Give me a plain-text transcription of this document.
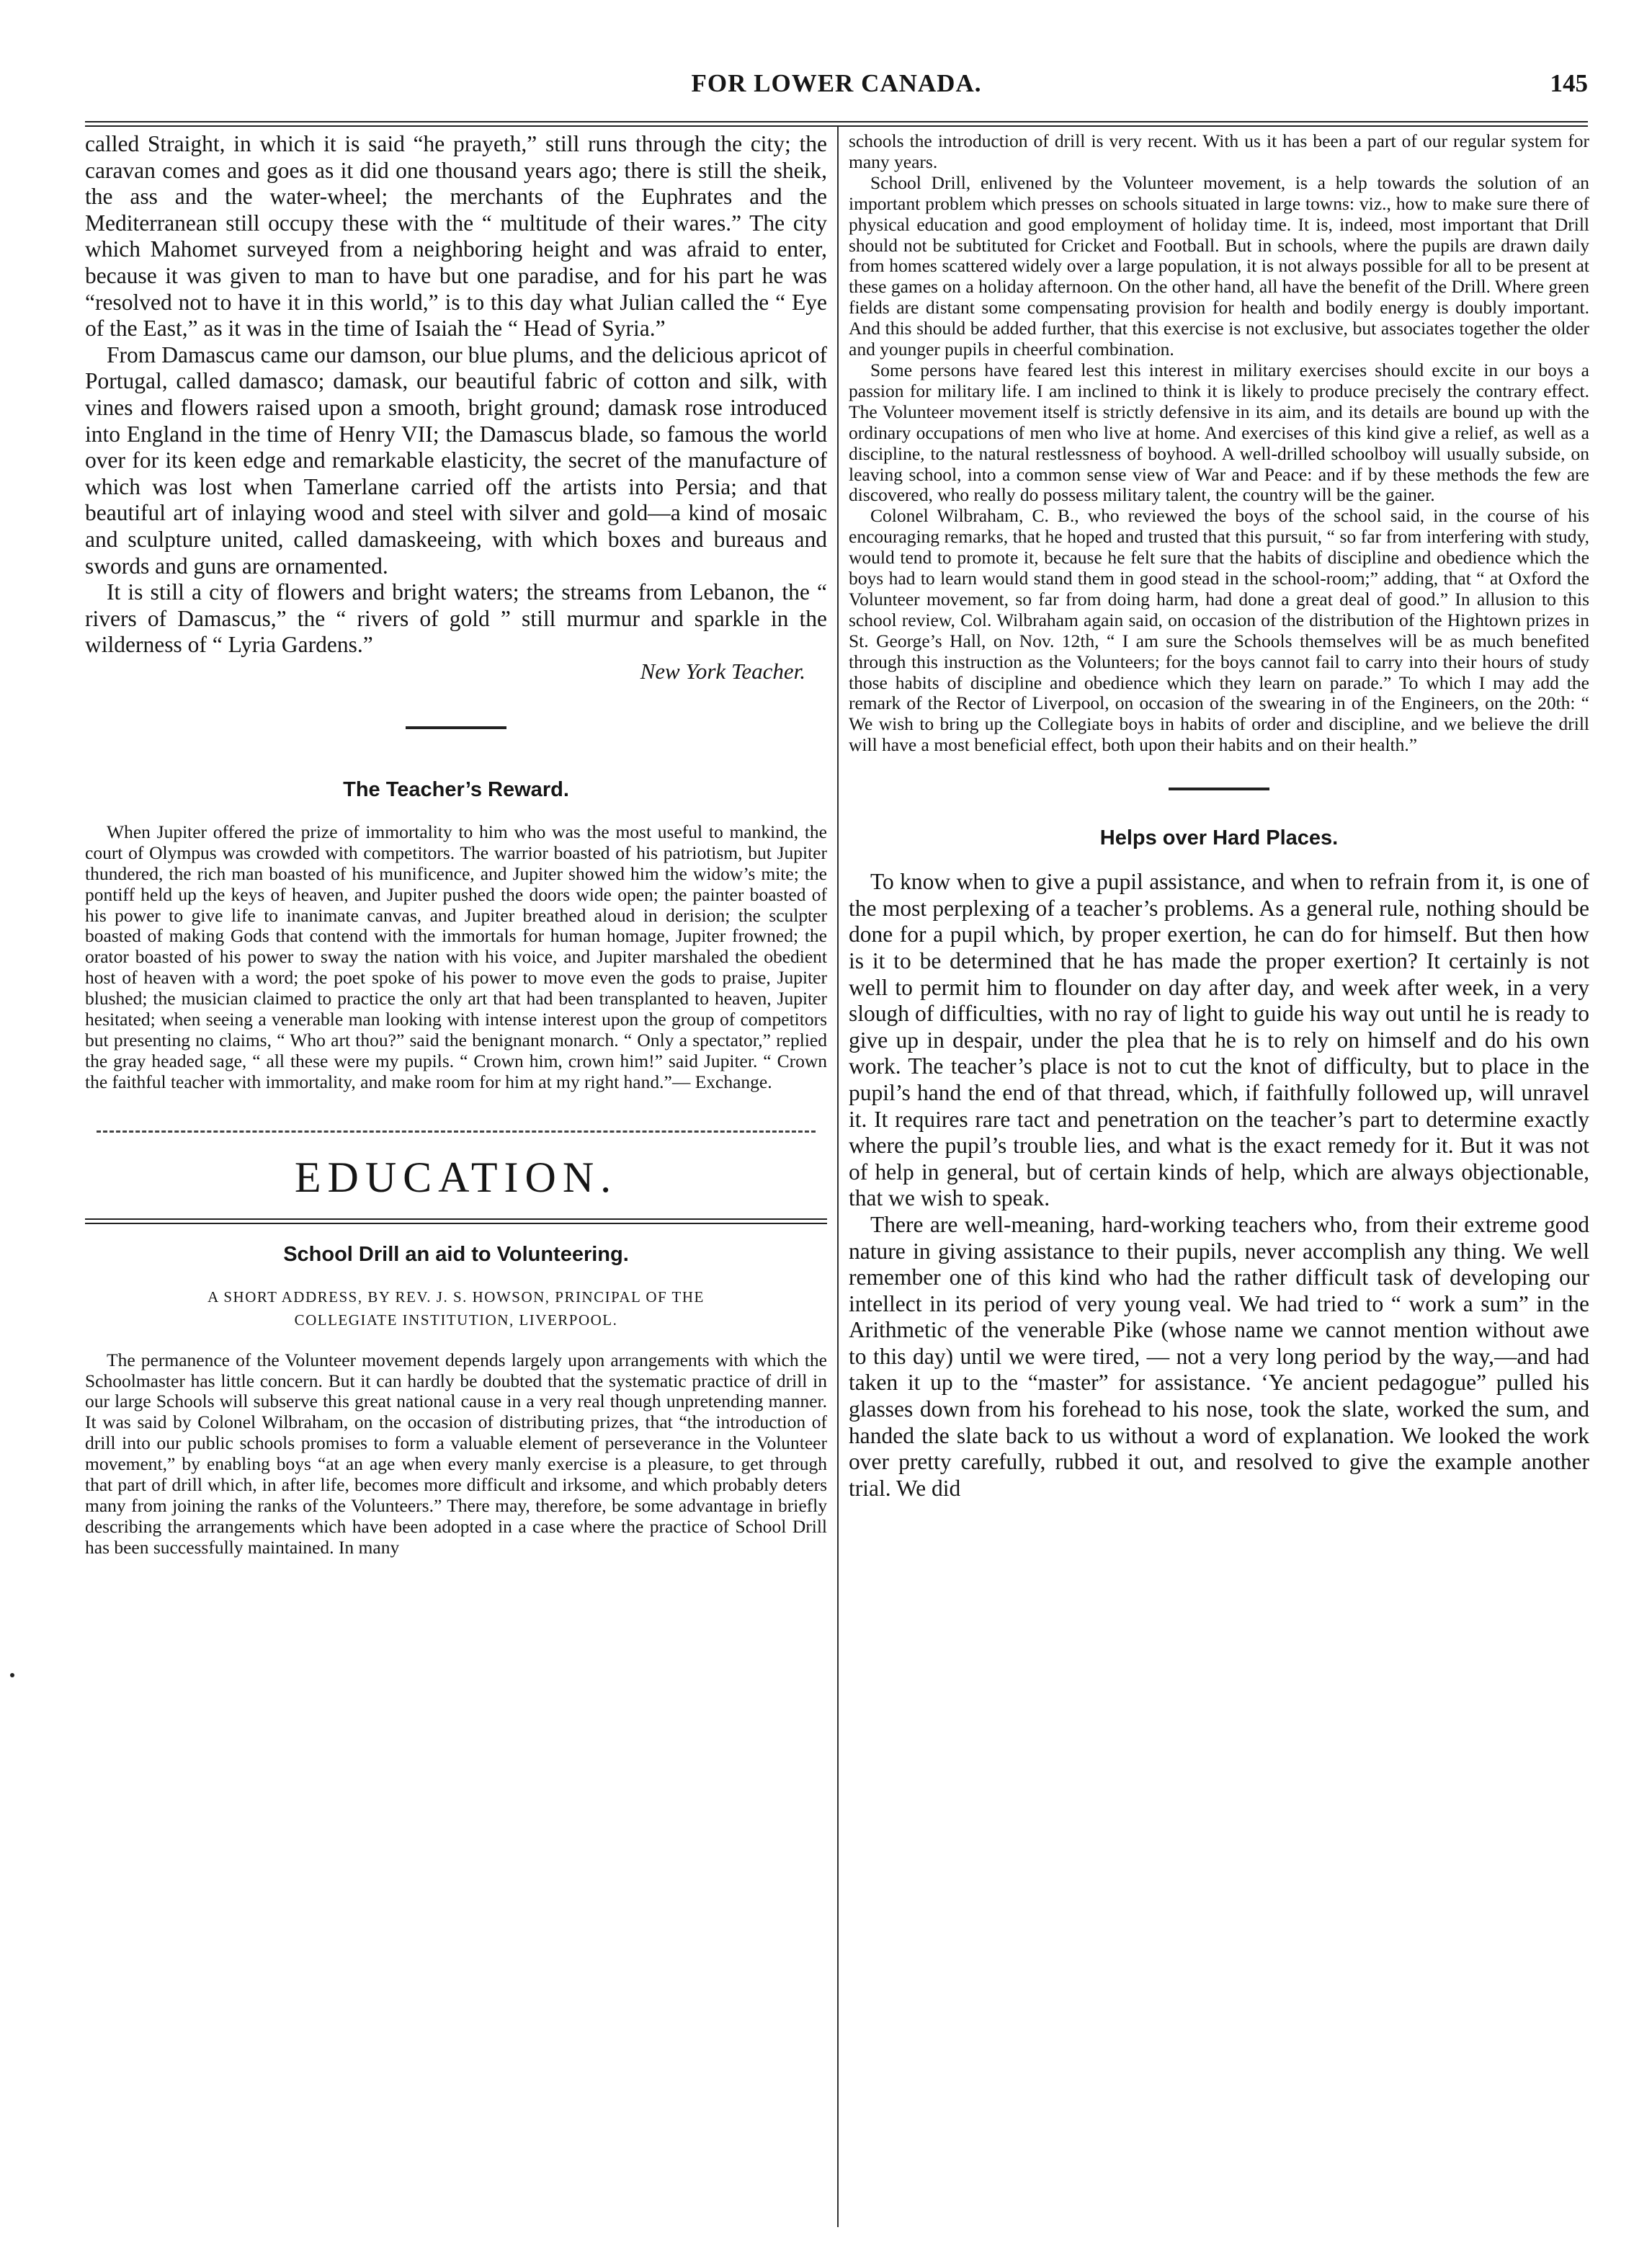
FOR LOWER CANADA.	145

called Straight, in which it is said “he prayeth,” still runs through the city; the caravan comes and goes as it did one thousand years ago; there is still the sheik, the ass and the water-wheel; the merchants of the Euphrates and the Mediterranean still occupy these with the “ multitude of their wares.” The city which Mahomet surveyed from a neighboring height and was afraid to enter, because it was given to man to have but one paradise, and for his part he was “resolved not to have it in this world,” is to this day what Julian called the “ Eye of the East,” as it was in the time of Isaiah the “ Head of Syria.”

From Damascus came our damson, our blue plums, and the delicious apricot of Portugal, called damasco; damask, our beautiful fabric of cotton and silk, with vines and flowers raised upon a smooth, bright ground; damask rose introduced into England in the time of Henry VII; the Damascus blade, so famous the world over for its keen edge and remarkable elasticity, the secret of the manufacture of which was lost when Tamerlane carried off the artists into Persia; and that beautiful art of inlaying wood and steel with silver and gold—a kind of mosaic and sculpture united, called damaskeeing, with which boxes and bureaus and swords and guns are ornamented.

It is still a city of flowers and bright waters; the streams from Lebanon, the “ rivers of Damascus,” the “ rivers of gold ” still murmur and sparkle in the wilderness of “ Lyria Gardens.”

New York Teacher.
The Teacher’s Reward.

When Jupiter offered the prize of immortality to him who was the most useful to mankind, the court of Olympus was crowded with competitors. The warrior boasted of his patriotism, but Jupiter thundered, the rich man boasted of his munificence, and Jupiter showed him the widow’s mite; the pontiff held up the keys of heaven, and Jupiter pushed the doors wide open; the painter boasted of his power to give life to inanimate canvas, and Jupiter breathed aloud in derision; the sculpter boasted of making Gods that contend with the immortals for human homage, Jupiter frowned; the orator boasted of his power to sway the nation with his voice, and Jupiter marshaled the obedient host of heaven with a word; the poet spoke of his power to move even the gods to praise, Jupiter blushed; the musician claimed to practice the only art that had been transplanted to heaven, Jupiter hesitated; when seeing a venerable man looking with intense interest upon the group of competitors but presenting no claims, “ Who art thou?” said the benignant monarch. “ Only a spectator,” replied the gray headed sage, “ all these were my pupils. “ Crown him, crown him!” said Jupiter. “ Crown the faithful teacher with immortality, and make room for him at my right hand.”— Exchange.

EDUCATION.
School Drill an aid to Volunteering.
A SHORT ADDRESS, BY REV. J. S. HOWSON, PRINCIPAL OF THE
COLLEGIATE INSTITUTION, LIVERPOOL.

The permanence of the Volunteer movement depends largely upon arrangements with which the Schoolmaster has little concern. But it can hardly be doubted that the systematic practice of drill in our large Schools will subserve this great national cause in a very real though unpretending manner. It was said by Colonel Wilbraham, on the occasion of distributing prizes, that “the introduction of drill into our public schools promises to form a valuable element of perseverance in the Volunteer movement,” by enabling boys “at an age when every manly exercise is a pleasure, to get through that part of drill which, in after life, becomes more difficult and irksome, and which probably deters many from joining the ranks of the Volunteers.” There may, therefore, be some advantage in briefly describing the arrangements which have been adopted in a case where the practice of School Drill has been successfully maintained. In many

schools the introduction of drill is very recent. With us it has been a part of our regular system for many years.

School Drill, enlivened by the Volunteer movement, is a help towards the solution of an important problem which presses on schools situated in large towns: viz., how to make sure there of physical education and good employment of holiday time. It is, indeed, most important that Drill should not be subtituted for Cricket and Football. But in schools, where the pupils are drawn daily from homes scattered widely over a large population, it is not always possible for all to be present at these games on a holiday afternoon. On the other hand, all have the benefit of the Drill. Where green fields are distant some compensating provision for health and bodily energy is doubly important. And this should be added further, that this exercise is not exclusive, but associates together the older and younger pupils in cheerful combination.

Some persons have feared lest this interest in military exercises should excite in our boys a passion for military life. I am inclined to think it is likely to produce precisely the contrary effect. The Volunteer movement itself is strictly defensive in its aim, and its details are bound up with the ordinary occupations of men who live at home. And exercises of this kind give a relief, as well as a discipline, to the natural restlessness of boyhood. A well-drilled schoolboy will usually subside, on leaving school, into a common sense view of War and Peace: and if by these methods the few are discovered, who really do possess military talent, the country will be the gainer.

Colonel Wilbraham, C. B., who reviewed the boys of the school said, in the course of his encouraging remarks, that he hoped and trusted that this pursuit, “ so far from interfering with study, would tend to promote it, because he felt sure that the habits of discipline and obedience which the boys had to learn would stand them in good stead in the school-room;” adding, that “ at Oxford the Volunteer movement, so far from doing harm, had done a great deal of good.” In allusion to this school review, Col. Wilbraham again said, on occasion of the distribution of the Hightown prizes in St. George’s Hall, on Nov. 12th, “ I am sure the Schools themselves will be as much benefited through this instruction as the Volunteers; for the boys cannot fail to carry into their hours of study those habits of discipline and obedience which they learn on parade.” To which I may add the remark of the Rector of Liverpool, on occasion of the swearing in of the Engineers, on the 20th: “ We wish to bring up the Collegiate boys in habits of order and discipline, and we believe the drill will have a most beneficial effect, both upon their habits and on their health.”

Helps over Hard Places.

To know when to give a pupil assistance, and when to refrain from it, is one of the most perplexing of a teacher’s problems. As a general rule, nothing should be done for a pupil which, by proper exertion, he can do for himself. But then how is it to be determined that he has made the proper exertion? It certainly is not well to permit him to flounder on day after day, and week after week, in a very slough of difficulties, with no ray of light to guide his way out until he is ready to give up in despair, under the plea that he is to rely on himself and do his own work. The teacher’s place is not to cut the knot of difficulty, but to place in the pupil’s hand the end of that thread, which, if faithfully followed up, will unravel it. It requires rare tact and penetration on the teacher’s part to determine exactly where the pupil’s trouble lies, and what is the exact remedy for it. But it was not of help in general, but of certain kinds of help, which are always objectionable, that we wish to speak.

There are well-meaning, hard-working teachers who, from their extreme good nature in giving assistance to their pupils, never accomplish any thing. We well remember one of this kind who had the rather difficult task of developing our intellect in its period of very young veal. We had tried to “ work a sum” in the Arithmetic of the venerable Pike (whose name we cannot mention without awe to this day) until we were tired, — not a very long period by the way,—and had taken it up to the “master” for assistance. ‘Ye ancient pedagogue” pulled his glasses down from his forehead to his nose, took the slate, worked the sum, and handed the slate back to us without a word of explanation. We looked the work over pretty carefully, rubbed it out, and resolved to give the example another trial. We did
